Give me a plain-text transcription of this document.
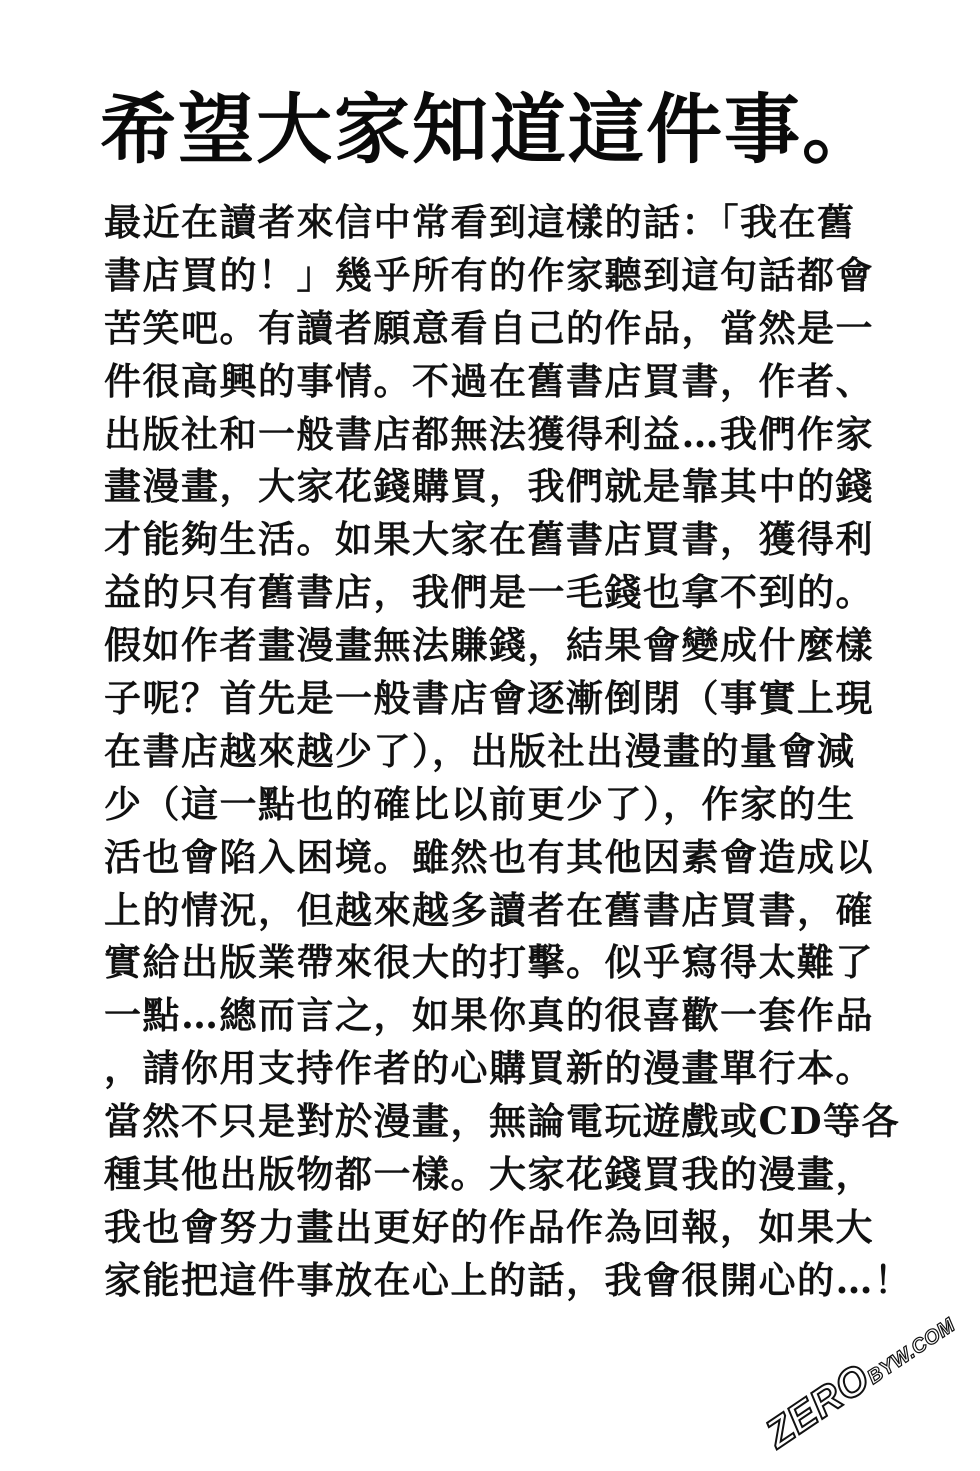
希望大家知道這件事。
最近在讀者來信中常看到這樣的話：「我在舊
書店買的！」幾乎所有的作家聽到這句話都會
苦笑吧。有讀者願意看自己的作品，當然是一
件很高興的事情。不過在舊書店買書，作者、
出版社和一般書店都無法獲得利益…我們作家
畫漫畫，大家花錢購買，我們就是靠其中的錢
才能夠生活。如果大家在舊書店買書，獲得利
益的只有舊書店，我們是一毛錢也拿不到的。
假如作者畫漫畫無法賺錢，結果會變成什麼樣
子呢？首先是一般書店會逐漸倒閉（事實上現
在書店越來越少了），出版社出漫畫的量會減
少（這一點也的確比以前更少了），作家的生
活也會陷入困境。雖然也有其他因素會造成以
上的情況，但越來越多讀者在舊書店買書，確
實給出版業帶來很大的打擊。似乎寫得太難了
一點…總而言之，如果你真的很喜歡一套作品
，請你用支持作者的心購買新的漫畫單行本。
當然不只是對於漫畫，無論電玩遊戲或CD等各
種其他出版物都一樣。大家花錢買我的漫畫，
我也會努力畫出更好的作品作為回報，如果大
家能把這件事放在心上的話，我會很開心的…！
ZEROBYW.COM
